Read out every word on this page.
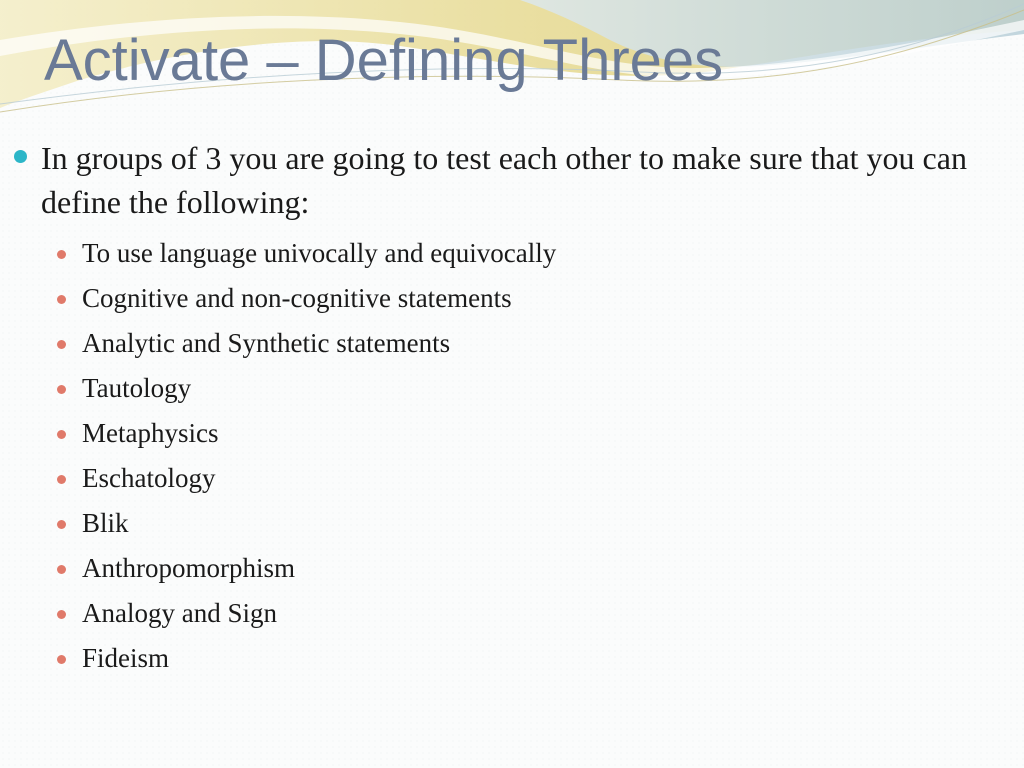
Activate – Defining Threes
In groups of 3 you are going to test each other to make sure that you can define the following:
To use language univocally and equivocally
Cognitive and non-cognitive statements
Analytic and Synthetic statements
Tautology
Metaphysics
Eschatology
Blik
Anthropomorphism
Analogy and Sign
Fideism
